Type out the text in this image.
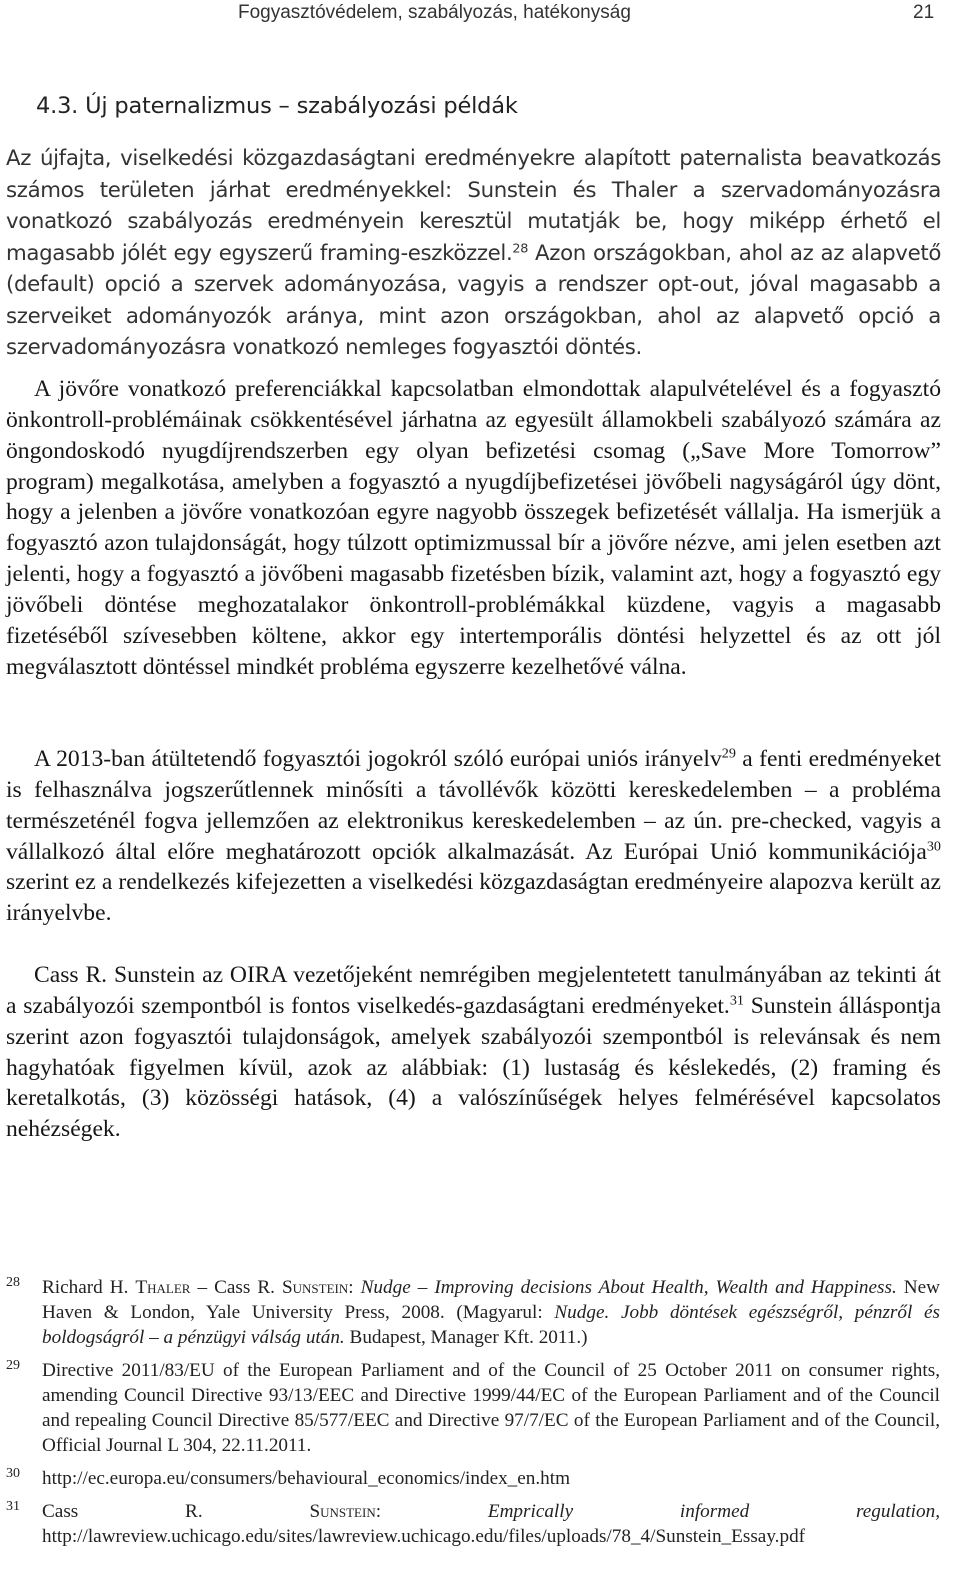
Fogyasztóvédelem, szabályozás, hatékonyság	21
4.3. Új paternalizmus – szabályozási példák

Az újfajta, viselkedési közgazdaságtani eredményekre alapított paternalista beavatkozás számos területen járhat eredményekkel: Sunstein és Thaler a szervadományozásra vonatkozó szabályozás eredményein keresztül mutatják be, hogy miképp érhető el magasabb jólét egy egyszerű framing-eszközzel.$^{28}$ Azon országokban, ahol az az alapvető (default) opció a szervek adományozása, vagyis a rendszer opt-out, jóval magasabb a szerveiket adományozók aránya, mint azon országokban, ahol az alapvető opció a szervadományozásra vonatkozó nemleges fogyasztói döntés.

A jövőre vonatkozó preferenciákkal kapcsolatban elmondottak alapulvételével és a fogyasztó önkontroll-problémáinak csökkentésével járhatna az egyesült államokbeli szabályozó számára az öngondoskodó nyugdíjrendszerben egy olyan befizetési csomag („Save More Tomorrow” program) megalkotása, amelyben a fogyasztó a nyugdíjbefizetései jövőbeli nagyságáról úgy dönt, hogy a jelenben a jövőre vonatkozóan egyre nagyobb összegek befizetését vállalja. Ha ismerjük a fogyasztó azon tulajdonságát, hogy túlzott optimizmussal bír a jövőre nézve, ami jelen esetben azt jelenti, hogy a fogyasztó a jövőbeni magasabb fizetésben bízik, valamint azt, hogy a fogyasztó egy jövőbeli döntése meghozatalakor önkontroll-problémákkal küzdene, vagyis a magasabb fizetéséből szívesebben költene, akkor egy intertemporális döntési helyzettel és az ott jól megválasztott döntéssel mindkét probléma egyszerre kezelhetővé válna.

A 2013-ban átültetendő fogyasztói jogokról szóló európai uniós irányelv$^{29}$ a fenti eredményeket is felhasználva jogszerűtlennek minősíti a távollévők közötti kereskedelemben – a probléma természeténél fogva jellemzően az elektronikus kereskedelemben – az ún. pre-checked, vagyis a vállalkozó által előre meghatározott opciók alkalmazását. Az Európai Unió kommunikációja$^{30}$ szerint ez a rendelkezés kifejezetten a viselkedési közgazdaságtan eredményeire alapozva került az irányelvbe.

Cass R. Sunstein az OIRA vezetőjeként nemrégiben megjelentetett tanulmányában az tekinti át a szabályozói szempontból is fontos viselkedés-gazdaságtani eredményeket.$^{31}$ Sunstein álláspontja szerint azon fogyasztói tulajdonságok, amelyek szabályozói szempontból is relevánsak és nem hagyhatóak figyelmen kívül, azok az alábbiak: (1) lustaság és késlekedés, (2) framing és keretalkotás, (3) közösségi hatások, (4) a valószínűségek helyes felmérésével kapcsolatos nehézségek.

28 Richard H. Thaler – Cass R. Sunstein: Nudge – Improving decisions About Health, Wealth and Happiness. New Haven & London, Yale University Press, 2008. (Magyarul: Nudge. Jobb döntések egészségről, pénzről és boldogságról – a pénzügyi válság után. Budapest, Manager Kft. 2011.)
29 Directive 2011/83/EU of the European Parliament and of the Council of 25 October 2011 on consumer rights, amending Council Directive 93/13/EEC and Directive 1999/44/EC of the European Parliament and of the Council and repealing Council Directive 85/577/EEC and Directive 97/7/EC of the European Parliament and of the Council, Official Journal L 304, 22.11.2011.
30 http://ec.europa.eu/consumers/behavioural_economics/index_en.htm
31 Cass R. Sunstein: Emprically informed regulation, http://lawreview.uchicago.edu/sites/lawreview.uchicago.edu/files/uploads/78_4/Sunstein_Essay.pdf
